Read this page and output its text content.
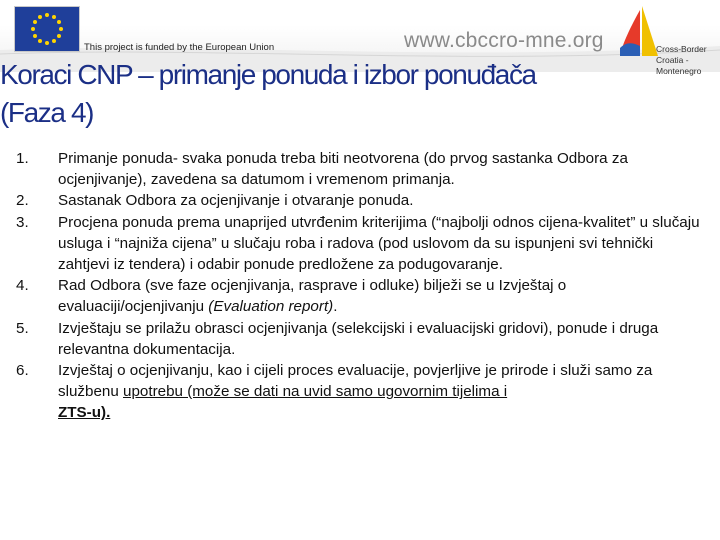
This project is funded by the European Union	www.cbccro-mne.org	Cross-Border
Croatia - Montenegro
Koraci CNP – primanje ponuda i izbor ponuđača
(Faza 4)
1.	Primanje ponuda- svaka ponuda treba biti neotvorena (do prvog sastanka Odbora za ocjenjivanje), zavedena sa datumom i vremenom primanja.
2.	Sastanak Odbora za ocjenjivanje i otvaranje ponuda.
3.	Procjena ponuda prema unaprijed utvrđenim kriterijima (“najbolji odnos cijena-kvalitet” u slučaju usluga i “najniža cijena” u slučaju roba i radova (pod uslovom da su ispunjeni svi tehnički zahtjevi iz tendera) i odabir ponude predložene za podugovaranje.
4.	Rad Odbora (sve faze ocjenjivanja, rasprave i odluke) bilježi se u Izvještaj o evaluaciji/ocjenjivanju (Evaluation report).
5.	Izvještaju se prilažu obrasci ocjenjivanja (selekcijski i evaluacijski gridovi), ponude i druga relevantna dokumentacija.
6.	Izvještaj o ocjenjivanju, kao i cijeli proces evaluacije, povjerljive je prirode i služi samo za službenu upotrebu (može se dati na uvid samo ugovornim tijelima i
ZTS-u).
